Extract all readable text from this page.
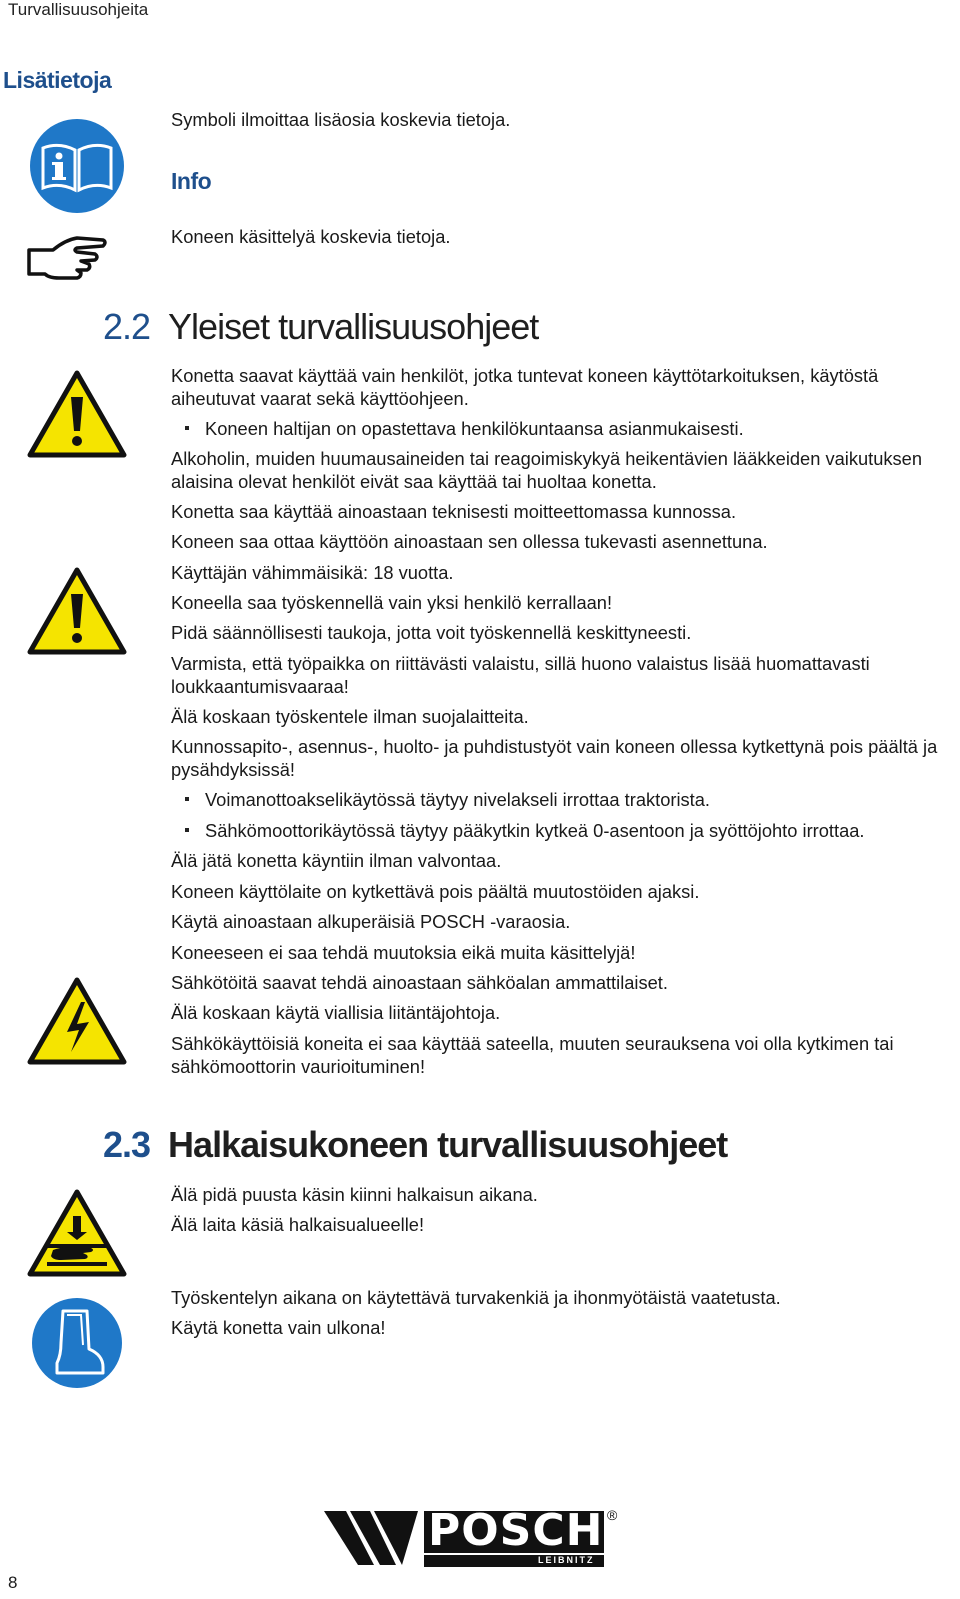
Turvallisuusohjeita
Lisätietoja
Symboli ilmoittaa lisäosia koskevia tietoja.
Info
Koneen käsittelyä koskevia tietoja.
2.2 Yleiset turvallisuusohjeet
Konetta saavat käyttää vain henkilöt, jotka tuntevat koneen käyttötarkoituksen, käytöstä aiheutuvat vaarat sekä käyttöohjeen.
Koneen haltijan on opastettava henkilökuntaansa asianmukaisesti.
Alkoholin, muiden huumausaineiden tai reagoimiskykyä heikentävien lääkkeiden vaikutuksen alaisina olevat henkilöt eivät saa käyttää tai huoltaa konetta.
Konetta saa käyttää ainoastaan teknisesti moitteettomassa kunnossa.
Koneen saa ottaa käyttöön ainoastaan sen ollessa tukevasti asennettuna.
Käyttäjän vähimmäisikä: 18 vuotta.
Koneella saa työskennellä vain yksi henkilö kerrallaan!
Pidä säännöllisesti taukoja, jotta voit työskennellä keskittyneesti.
Varmista, että työpaikka on riittävästi valaistu, sillä huono valaistus lisää huomattavasti loukkaantumisvaaraa!
Älä koskaan työskentele ilman suojalaitteita.
Kunnossapito-, asennus-, huolto- ja puhdistustyöt vain koneen ollessa kytkettynä pois päältä ja pysähdyksissä!
Voimanottoakselikäytössä täytyy nivelakseli irrottaa traktorista.
Sähkömoottorikäytössä täytyy pääkytkin kytkeä 0-asentoon ja syöttöjohto irrottaa.
Älä jätä konetta käyntiin ilman valvontaa.
Koneen käyttölaite on kytkettävä pois päältä muutostöiden ajaksi.
Käytä ainoastaan alkuperäisiä POSCH -varaosia.
Koneeseen ei saa tehdä muutoksia eikä muita käsittelyjä!
Sähkötöitä saavat tehdä ainoastaan sähköalan ammattilaiset.
Älä koskaan käytä viallisia liitäntäjohtoja.
Sähkökäyttöisiä koneita ei saa käyttää sateella, muuten seurauksena voi olla kytkimen tai sähkömoottorin vaurioituminen!
2.3 Halkaisukoneen turvallisuusohjeet
Älä pidä puusta käsin kiinni halkaisun aikana.
Älä laita käsiä halkaisualueelle!
Työskentelyn aikana on käytettävä turvakenkiä ja ihonmyötäistä vaatetusta.
Käytä konetta vain ulkona!
8
POSCH
LEIBNITZ
®
